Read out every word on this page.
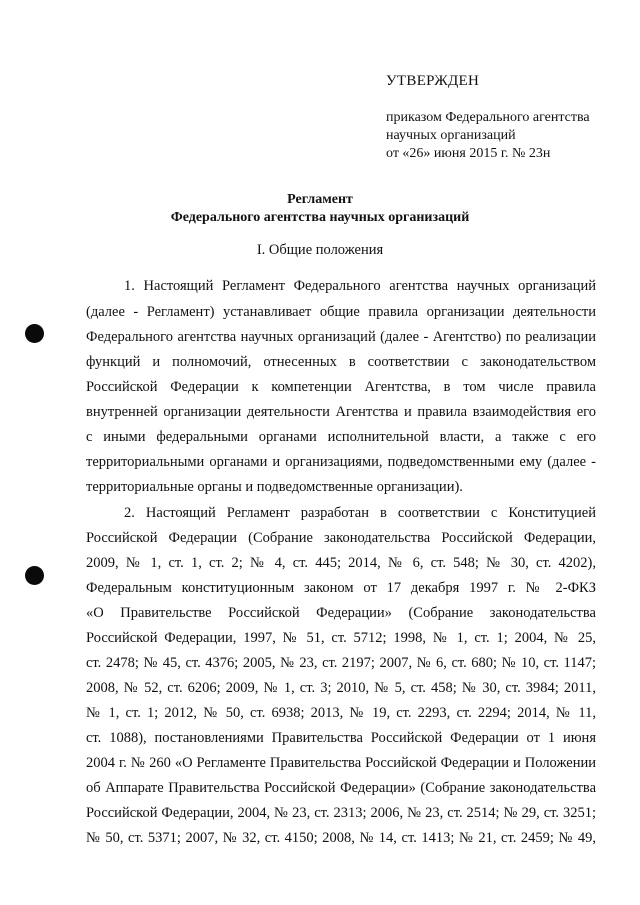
УТВЕРЖДЕН
приказом Федерального агентства
научных организаций
от «26» июня 2015 г. № 23н
Регламент
Федерального агентства научных организаций
I. Общие положения
1. Настоящий Регламент Федерального агентства научных организаций
(далее - Регламент) устанавливает общие правила организации деятельности
Федерального агентства научных организаций (далее - Агентство) по реализации
функций и полномочий, отнесенных в соответствии с законодательством
Российской Федерации к компетенции Агентства, в том числе правила
внутренней организации деятельности Агентства и правила взаимодействия его
с иными федеральными органами исполнительной власти, а также с его
территориальными органами и организациями, подведомственными ему (далее -
территориальные органы и подведомственные организации).
2. Настоящий Регламент разработан в соответствии с Конституцией
Российской Федерации (Собрание законодательства Российской Федерации,
2009, № 1, ст. 1, ст. 2; № 4, ст. 445; 2014, № 6, ст. 548; № 30, ст. 4202),
Федеральным конституционным законом от 17 декабря 1997 г. № 2-ФКЗ
«О Правительстве Российской Федерации» (Собрание законодательства
Российской Федерации, 1997, № 51, ст. 5712; 1998, № 1, ст. 1; 2004, № 25,
ст. 2478; № 45, ст. 4376; 2005, № 23, ст. 2197; 2007, № 6, ст. 680; № 10, ст. 1147;
2008, № 52, ст. 6206; 2009, № 1, ст. 3; 2010, № 5, ст. 458; № 30, ст. 3984; 2011,
№ 1, ст. 1; 2012, № 50, ст. 6938; 2013, № 19, ст. 2293, ст. 2294; 2014, № 11,
ст. 1088), постановлениями Правительства Российской Федерации от 1 июня
2004 г. № 260 «О Регламенте Правительства Российской Федерации и Положении
об Аппарате Правительства Российской Федерации» (Собрание законодательства
Российской Федерации, 2004, № 23, ст. 2313; 2006, № 23, ст. 2514; № 29, ст. 3251;
№ 50, ст. 5371; 2007, № 32, ст. 4150; 2008, № 14, ст. 1413; № 21, ст. 2459; № 49,
